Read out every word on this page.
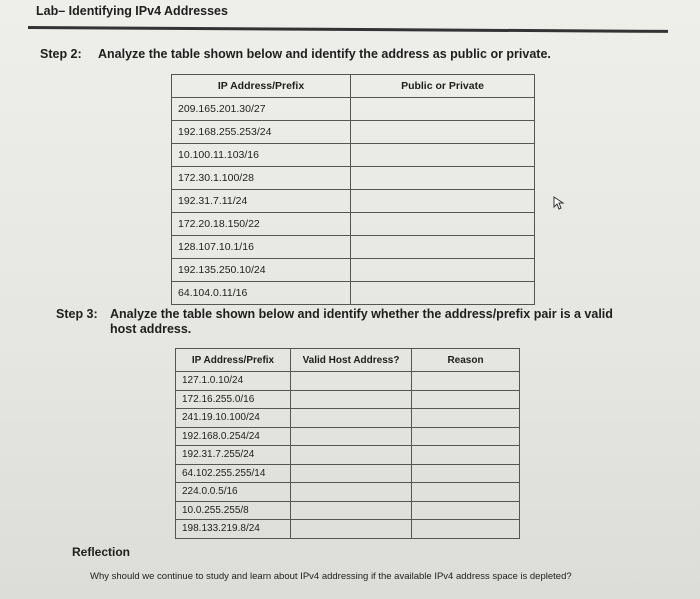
Lab– Identifying IPv4 Addresses
Step 2: Analyze the table shown below and identify the address as public or private.
IP Address/Prefix	Public or Private
209.165.201.30/27	
192.168.255.253/24	
10.100.11.103/16	
172.30.1.100/28	
192.31.7.11/24	
172.20.18.150/22	
128.107.10.1/16	
192.135.250.10/24	
64.104.0.11/16	
Step 3: Analyze the table shown below and identify whether the address/prefix pair is a valid
host address.
IP Address/Prefix	Valid Host Address?	Reason
127.1.0.10/24		
172.16.255.0/16		
241.19.10.100/24		
192.168.0.254/24		
192.31.7.255/24		
64.102.255.255/14		
224.0.0.5/16		
10.0.255.255/8		
198.133.219.8/24		
Reflection
Why should we continue to study and learn about IPv4 addressing if the available IPv4 address space is depleted?
